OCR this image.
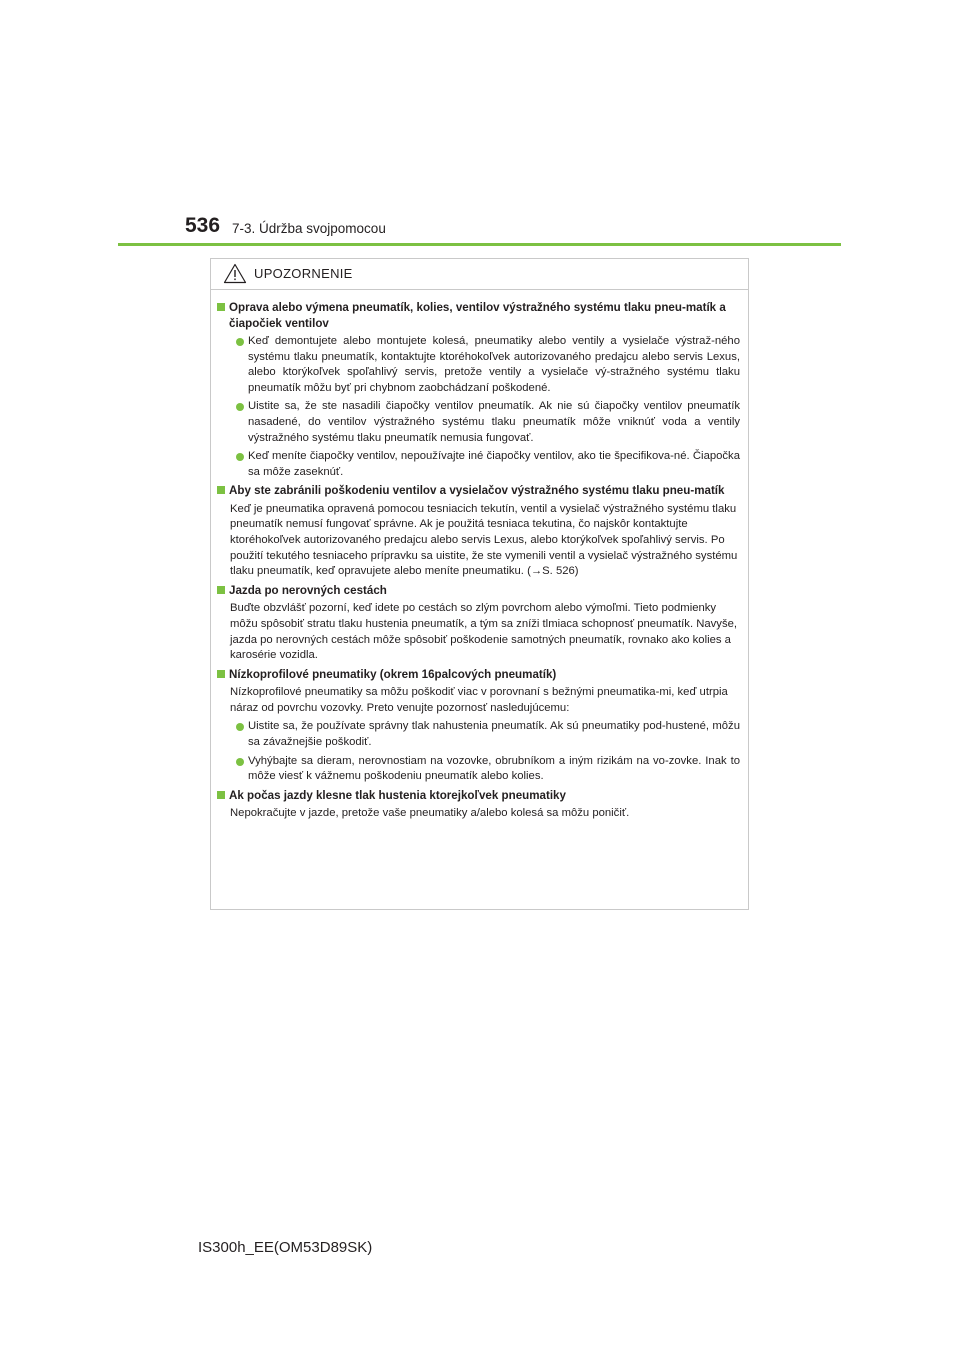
536 7-3. Údržba svojpomocou
UPOZORNENIE
Oprava alebo výmena pneumatík, kolies, ventilov výstražného systému tlaku pneu-matík a čiapočiek ventilov
Keď demontujete alebo montujete kolesá, pneumatiky alebo ventily a vysielače výstraž-ného systému tlaku pneumatík, kontaktujte ktoréhokoľvek autorizovaného predajcu alebo servis Lexus, alebo ktorýkoľvek spoľahlivý servis, pretože ventily a vysielače vý-stražného systému tlaku pneumatík môžu byť pri chybnom zaobchádzaní poškodené.
Uistite sa, že ste nasadili čiapočky ventilov pneumatík. Ak nie sú čiapočky ventilov pneumatík nasadené, do ventilov výstražného systému tlaku pneumatík môže vniknúť voda a ventily výstražného systému tlaku pneumatík nemusia fungovať.
Keď meníte čiapočky ventilov, nepoužívajte iné čiapočky ventilov, ako tie špecifikova-né. Čiapočka sa môže zaseknúť.
Aby ste zabránili poškodeniu ventilov a vysielačov výstražného systému tlaku pneu-matík
Keď je pneumatika opravená pomocou tesniacich tekutín, ventil a vysielač výstražného systému tlaku pneumatík nemusí fungovať správne. Ak je použitá tesniaca tekutina, čo najskôr kontaktujte ktoréhokoľvek autorizovaného predajcu alebo servis Lexus, alebo ktorýkoľvek spoľahlivý servis. Po použití tekutého tesniaceho prípravku sa uistite, že ste vymenili ventil a vysielač výstražného systému tlaku pneumatík, keď opravujete alebo meníte pneumatiku. (→S. 526)
Jazda po nerovných cestách
Buďte obzvlášť pozorní, keď idete po cestách so zlým povrchom alebo výmoľmi. Tieto podmienky môžu spôsobiť stratu tlaku hustenia pneumatík, a tým sa zníži tlmiaca schopnosť pneumatík. Navyše, jazda po nerovných cestách môže spôsobiť poškodenie samotných pneumatík, rovnako ako kolies a karosérie vozidla.
Nízkoprofilové pneumatiky (okrem 16palcových pneumatík)
Nízkoprofilové pneumatiky sa môžu poškodiť viac v porovnaní s bežnými pneumatika-mi, keď utrpia náraz od povrchu vozovky. Preto venujte pozornosť nasledujúcemu:
Uistite sa, že používate správny tlak nahustenia pneumatík. Ak sú pneumatiky pod-hustené, môžu sa závažnejšie poškodiť.
Vyhýbajte sa dieram, nerovnostiam na vozovke, obrubníkom a iným rizikám na vo-zovke. Inak to môže viesť k vážnemu poškodeniu pneumatík alebo kolies.
Ak počas jazdy klesne tlak hustenia ktorejkoľvek pneumatiky
Nepokračujte v jazde, pretože vaše pneumatiky a/alebo kolesá sa môžu poničiť.
IS300h_EE(OM53D89SK)
